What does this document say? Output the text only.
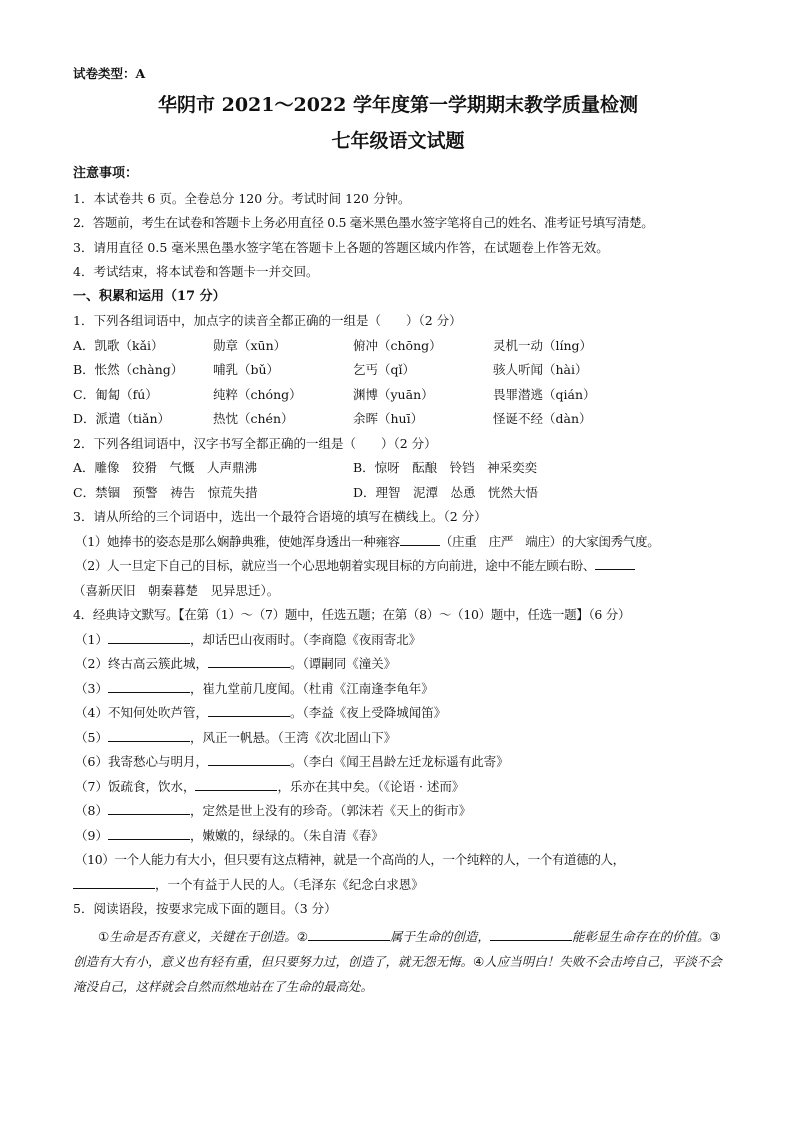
试卷类型：A
华阴市 2021～2022 学年度第一学期期末教学质量检测
七年级语文试题

注意事项：

1．本试卷共 6 页。全卷总分 120 分。考试时间 120 分钟。

2．答题前，考生在试卷和答题卡上务必用直径 0.5 毫米黑色墨水签字笔将自己的姓名、准考证号填写清楚。

3．请用直径 0.5 毫米黑色墨水签字笔在答题卡上各题的答题区域内作答，在试题卷上作答无效。

4．考试结束，将本试卷和答题卡一并交回。

一、积累和运用（17 分）

1．下列各组词语中，加点字的读音全都正确的一组是（　　）（2 分）

A．凯歌（kǎi）	勋章（xūn）	俯冲（chōng）	灵机一动（líng）
B．怅然（chàng）	哺乳（bǔ）	乞丐（qǐ）	骇人听闻（hài）
C．匍匐（fú）	纯粹（chóng）	渊博（yuān）	畏罪潜逃（qián）
D．派遣（tiǎn）	热忱（chén）	余晖（huī）	怪诞不经（dàn）

2．下列各组词语中，汉字书写全都正确的一组是（　　）（2 分）

A．雕像　狡猾　气慨　人声鼎沸	B．惊呀　酝酿　铃铛　神采奕奕
C．禁锢　预警　祷告　惊荒失措	D．理智　泥潭　怂恿　恍然大悟

3．请从所给的三个词语中，选出一个最符合语境的填写在横线上。（2 分）

（1）她捧书的姿态是那么娴静典雅，使她浑身透出一种雍容	（庄重　庄严　端庄）的大家闺秀气度。

（2）人一旦定下自己的目标，就应当一个心思地朝着实现目标的方向前进，途中不能左顾右盼、

（喜新厌旧　朝秦暮楚　见异思迁）。

4．经典诗文默写。【在第（1）～（7）题中，任选五题；在第（8）～（10）题中，任选一题】（6 分）

（1）	，却话巴山夜雨时。（李商隐《夜雨寄北》

（2）终古高云簇此城，	。（谭嗣同《潼关》

（3）	，崔九堂前几度闻。（杜甫《江南逢李龟年》

（4）不知何处吹芦管，	。（李益《夜上受降城闻笛》

（5）	，风正一帆悬。（王湾《次北固山下》

（6）我寄愁心与明月，	。（李白《闻王昌龄左迁龙标遥有此寄》

（7）饭疏食，饮水，	，乐亦在其中矣。（《论语 · 述而》

（8）	，定然是世上没有的珍奇。（郭沫若《天上的街市》

（9）	，嫩嫩的，绿绿的。（朱自清《春》

（10）一个人能力有大小，但只要有这点精神，就是一个高尚的人，一个纯粹的人，一个有道德的人，

，一个有益于人民的人。（毛泽东《纪念白求恩》

5．阅读语段，按要求完成下面的题目。（3 分）

①生命是否有意义，关键在于创造。②	属于生命的创造，	能彰显生命存在的价值。③创造有大有小，意义也有轻有重，但只要努力过，创造了，就无怨无悔。④人应当明白！失败不会击垮自己，平淡不会淹没自己，这样就会自然而然地站在了生命的最高处。
